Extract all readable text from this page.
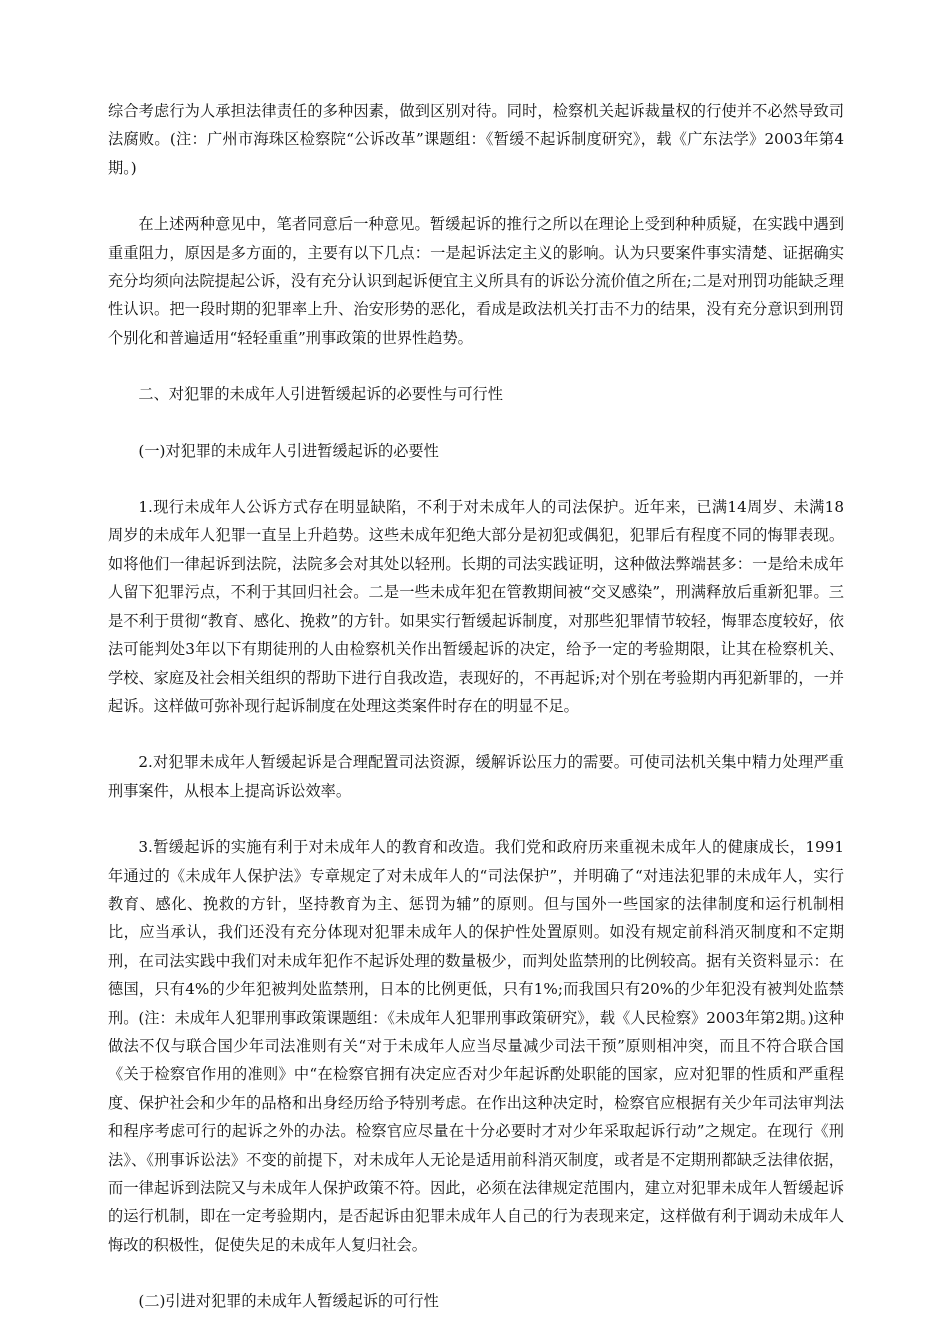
综合考虑行为人承担法律责任的多种因素，做到区别对待。同时，检察机关起诉裁量权的行使并不必然导致司法腐败。(注：广州市海珠区检察院“公诉改革”课题组：《暂缓不起诉制度研究》，载《广东法学》2003年第4期。)

在上述两种意见中，笔者同意后一种意见。暂缓起诉的推行之所以在理论上受到种种质疑，在实践中遇到重重阻力，原因是多方面的，主要有以下几点：一是起诉法定主义的影响。认为只要案件事实清楚、证据确实充分均须向法院提起公诉，没有充分认识到起诉便宜主义所具有的诉讼分流价值之所在;二是对刑罚功能缺乏理性认识。把一段时期的犯罪率上升、治安形势的恶化，看成是政法机关打击不力的结果，没有充分意识到刑罚个别化和普遍适用“轻轻重重”刑事政策的世界性趋势。

二、对犯罪的未成年人引进暂缓起诉的必要性与可行性

(一)对犯罪的未成年人引进暂缓起诉的必要性

1.现行未成年人公诉方式存在明显缺陷，不利于对未成年人的司法保护。近年来，已满14周岁、未满18周岁的未成年人犯罪一直呈上升趋势。这些未成年犯绝大部分是初犯或偶犯，犯罪后有程度不同的悔罪表现。如将他们一律起诉到法院，法院多会对其处以轻刑。长期的司法实践证明，这种做法弊端甚多：一是给未成年人留下犯罪污点，不利于其回归社会。二是一些未成年犯在管教期间被“交叉感染”，刑满释放后重新犯罪。三是不利于贯彻“教育、感化、挽救”的方针。如果实行暂缓起诉制度，对那些犯罪情节较轻，悔罪态度较好，依法可能判处3年以下有期徒刑的人由检察机关作出暂缓起诉的决定，给予一定的考验期限，让其在检察机关、学校、家庭及社会相关组织的帮助下进行自我改造，表现好的，不再起诉;对个别在考验期内再犯新罪的，一并起诉。这样做可弥补现行起诉制度在处理这类案件时存在的明显不足。

2.对犯罪未成年人暂缓起诉是合理配置司法资源，缓解诉讼压力的需要。可使司法机关集中精力处理严重刑事案件，从根本上提高诉讼效率。

3.暂缓起诉的实施有利于对未成年人的教育和改造。我们党和政府历来重视未成年人的健康成长，1991年通过的《未成年人保护法》专章规定了对未成年人的“司法保护”，并明确了“对违法犯罪的未成年人，实行教育、感化、挽救的方针，坚持教育为主、惩罚为辅”的原则。但与国外一些国家的法律制度和运行机制相比，应当承认，我们还没有充分体现对犯罪未成年人的保护性处置原则。如没有规定前科消灭制度和不定期刑，在司法实践中我们对未成年犯作不起诉处理的数量极少，而判处监禁刑的比例较高。据有关资料显示：在德国，只有4%的少年犯被判处监禁刑，日本的比例更低，只有1%;而我国只有20%的少年犯没有被判处监禁刑。(注：未成年人犯罪刑事政策课题组：《未成年人犯罪刑事政策研究》，载《人民检察》2003年第2期。)这种做法不仅与联合国少年司法准则有关“对于未成年人应当尽量减少司法干预”原则相冲突，而且不符合联合国《关于检察官作用的准则》中“在检察官拥有决定应否对少年起诉酌处职能的国家，应对犯罪的性质和严重程度、保护社会和少年的品格和出身经历给予特别考虑。在作出这种决定时，检察官应根据有关少年司法审判法和程序考虑可行的起诉之外的办法。检察官应尽量在十分必要时才对少年采取起诉行动”之规定。在现行《刑法》、《刑事诉讼法》不变的前提下，对未成年人无论是适用前科消灭制度，或者是不定期刑都缺乏法律依据，而一律起诉到法院又与未成年人保护政策不符。因此，必须在法律规定范围内，建立对犯罪未成年人暂缓起诉的运行机制，即在一定考验期内，是否起诉由犯罪未成年人自己的行为表现来定，这样做有利于调动未成年人悔改的积极性，促使失足的未成年人复归社会。

(二)引进对犯罪的未成年人暂缓起诉的可行性
